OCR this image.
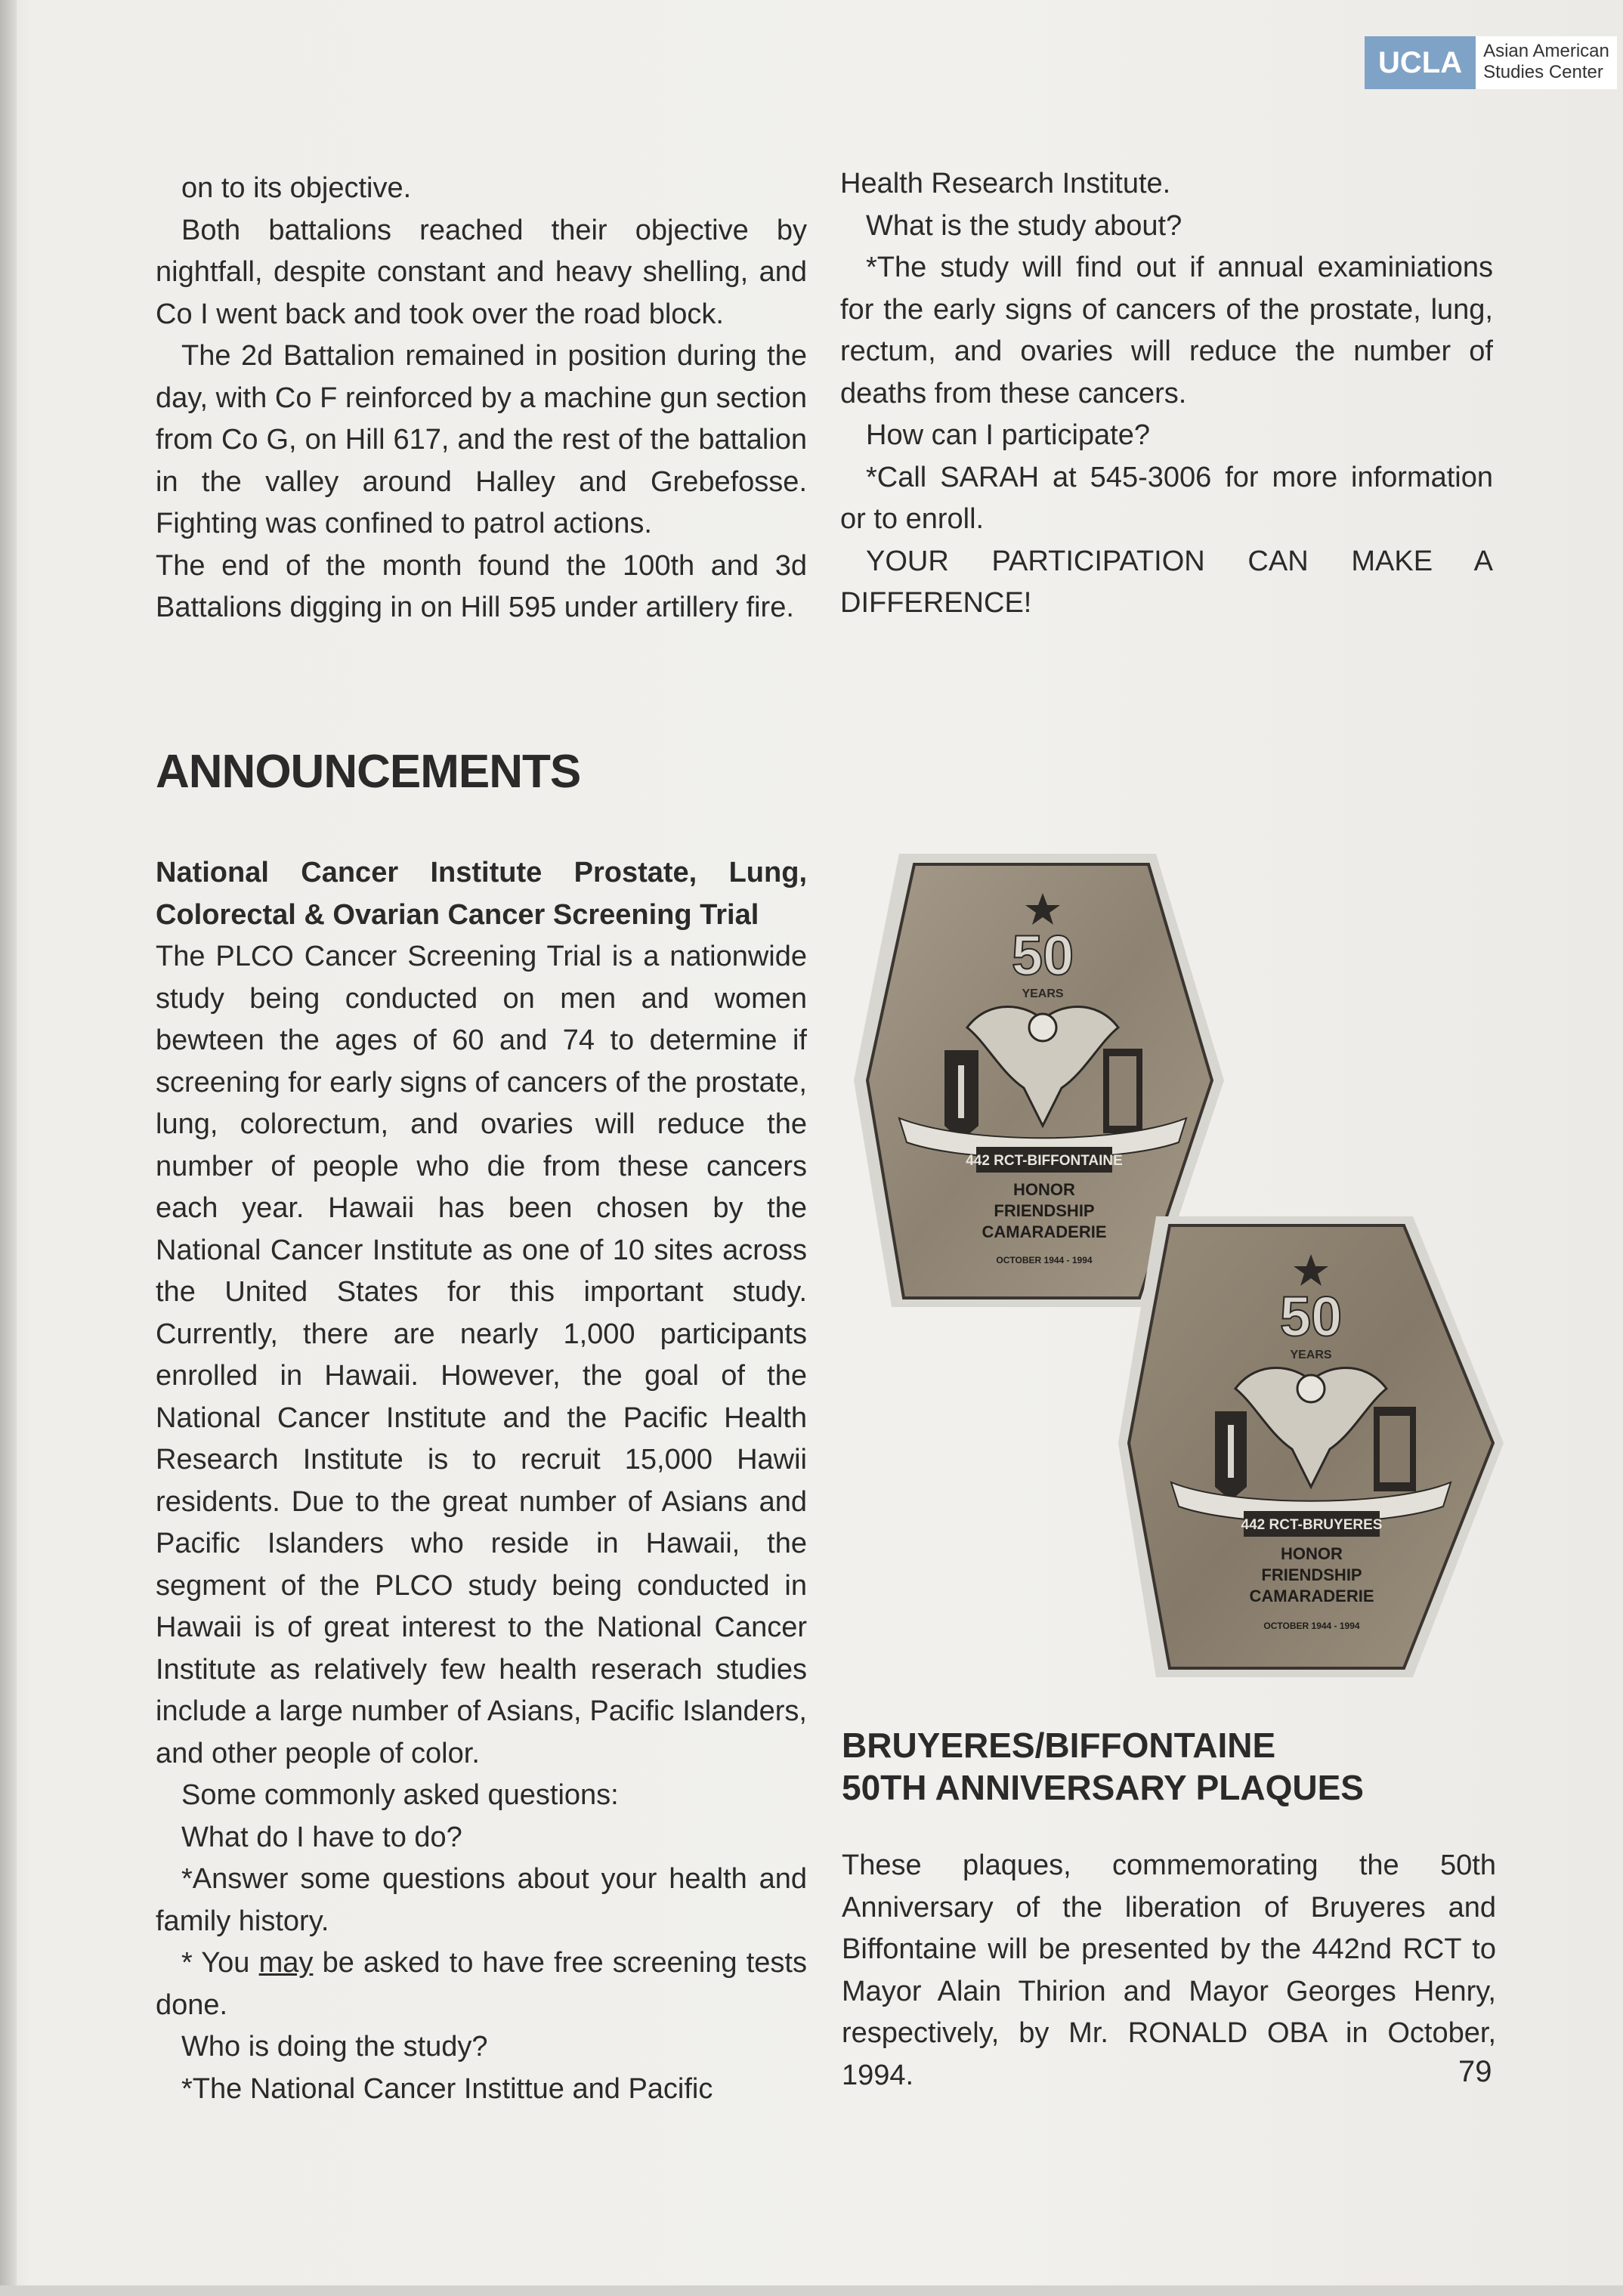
UCLA	Asian American
Studies Center

on to its objective.

Both battalions reached their objective by nightfall, despite constant and heavy shelling, and Co I went back and took over the road block.

The 2d Battalion remained in position during the day, with Co F reinforced by a machine gun section from Co G, on Hill 617, and the rest of the battalion in the valley around Halley and Grebefosse. Fighting was confined to patrol actions.

The end of the month found the 100th and 3d Battalions digging in on Hill 595 under artillery fire.

ANNOUNCEMENTS

National Cancer Institute Prostate, Lung, Colorectal & Ovarian Cancer Screening Trial

The PLCO Cancer Screening Trial is a nationwide study being conducted on men and women bewteen the ages of 60 and 74 to determine if screening for early signs of cancers of the prostate, lung, colorectum, and ovaries will reduce the number of people who die from these cancers each year. Hawaii has been chosen by the National Cancer Institute as one of 10 sites across the United States for this important study. Currently, there are nearly 1,000 participants enrolled in Hawaii. However, the goal of the National Cancer Institute and the Pacific Health Research Institute is to recruit 15,000 Hawii residents. Due to the great number of Asians and Pacific Islanders who reside in Hawaii, the segment of the PLCO study being conducted in Hawaii is of great interest to the National Cancer Institute as relatively few health reserach studies include a large number of Asians, Pacific Islanders, and other people of color.

Some commonly asked questions:

What do I have to do?

*Answer some questions about your health and family history.

* You may be asked to have free screening tests done.

Who is doing the study?

*The National Cancer Instittue and Pacific

Health Research Institute.

What is the study about?

*The study will find out if annual examiniations for the early signs of cancers of the prostate, lung, rectum, and ovaries will reduce the number of deaths from these cancers.

How can I participate?

*Call SARAH at 545-3006 for more information or to enroll.

YOUR PARTICIPATION CAN MAKE A DIFFERENCE!

50
YEARS
442 RCT-BIFFONTAINE
HONOR
FRIENDSHIP
CAMARADERIE
OCTOBER 1944 - 1994
50
YEARS
442 RCT-BRUYERES
HONOR
FRIENDSHIP
CAMARADERIE
OCTOBER 1944 - 1994
BRUYERES/BIFFONTAINE
50TH ANNIVERSARY PLAQUES

These plaques, commemorating the 50th Anniversary of the liberation of Bruyeres and Biffontaine will be presented by the 442nd RCT to Mayor Alain Thirion and Mayor Georges Henry, respectively, by Mr. RONALD OBA in October, 1994.	79
